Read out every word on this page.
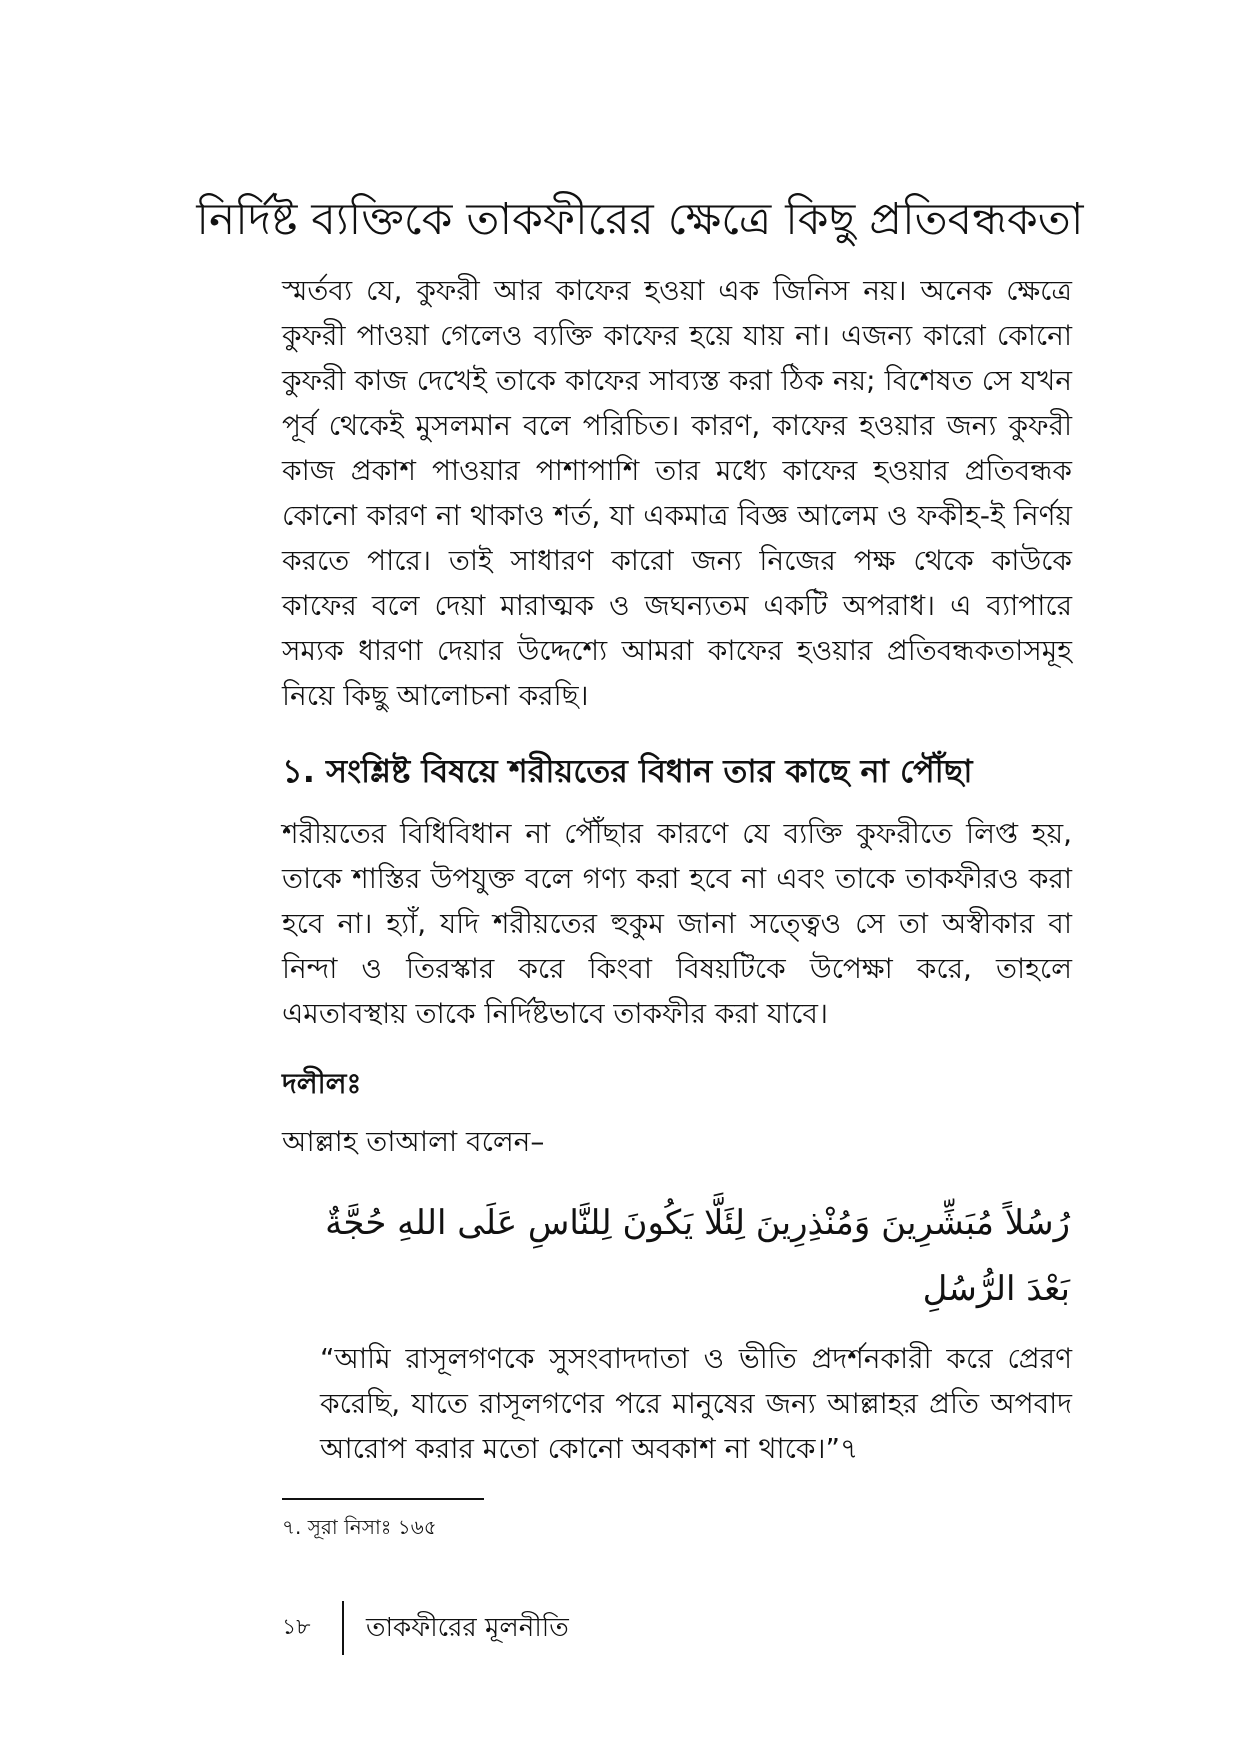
নির্দিষ্ট ব্যক্তিকে তাকফীরের ক্ষেত্রে কিছু প্রতিবন্ধকতা

স্মর্তব্য যে, কুফরী আর কাফের হওয়া এক জিনিস নয়। অনেক ক্ষেত্রে কুফরী পাওয়া গেলেও ব্যক্তি কাফের হয়ে যায় না। এজন্য কারো কোনো কুফরী কাজ দেখেই তাকে কাফের সাব্যস্ত করা ঠিক নয়; বিশেষত সে যখন পূর্ব থেকেই মুসলমান বলে পরিচিত। কারণ, কাফের হওয়ার জন্য কুফরী কাজ প্রকাশ পাওয়ার পাশাপাশি তার মধ্যে কাফের হওয়ার প্রতিবন্ধক কোনো কারণ না থাকাও শর্ত, যা একমাত্র বিজ্ঞ আলেম ও ফকীহ-ই নির্ণয় করতে পারে। তাই সাধারণ কারো জন্য নিজের পক্ষ থেকে কাউকে কাফের বলে দেয়া মারাত্মক ও জঘন্যতম একটি অপরাধ। এ ব্যাপারে সম্যক ধারণা দেয়ার উদ্দেশ্যে আমরা কাফের হওয়ার প্রতিবন্ধকতাসমূহ নিয়ে কিছু আলোচনা করছি।

১. সংশ্লিষ্ট বিষয়ে শরীয়তের বিধান তার কাছে না পৌঁছা

শরীয়তের বিধিবিধান না পৌঁছার কারণে যে ব্যক্তি কুফরীতে লিপ্ত হয়, তাকে শাস্তির উপযুক্ত বলে গণ্য করা হবে না এবং তাকে তাকফীরও করা হবে না। হ্যাঁ, যদি শরীয়তের হুকুম জানা সত্ত্বেও সে তা অস্বীকার বা নিন্দা ও তিরস্কার করে কিংবা বিষয়টিকে উপেক্ষা করে, তাহলে এমতাবস্থায় তাকে নির্দিষ্টভাবে তাকফীর করা যাবে।

দলীলঃ

আল্লাহ তাআলা বলেন–

رُسُلاً مُبَشِّرِينَ وَمُنْذِرِينَ لِئَلَّا يَكُونَ لِلنَّاسِ عَلَى اللهِ حُجَّةٌ بَعْدَ الرُّسُلِ

“আমি রাসূলগণকে সুসংবাদদাতা ও ভীতি প্রদর্শনকারী করে প্রেরণ করেছি, যাতে রাসূলগণের পরে মানুষের জন্য আল্লাহর প্রতি অপবাদ আরোপ করার মতো কোনো অবকাশ না থাকে।”৭

৭. সূরা নিসাঃ ১৬৫

১৮	তাকফীরের মূলনীতি
